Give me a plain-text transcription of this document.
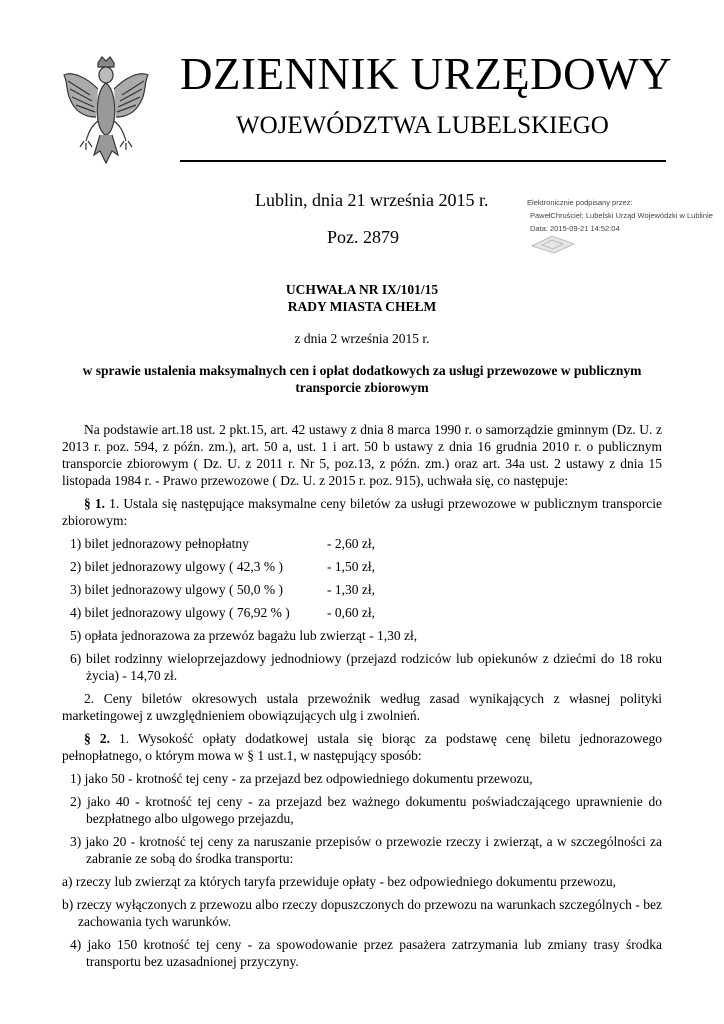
DZIENNIK URZĘDOWY
WOJEWÓDZTWA LUBELSKIEGO
Lublin, dnia 21 września 2015 r.
Poz. 2879
Elektronicznie podpisany przez:
PawełChruściel; Lubelski Urząd Wojewódzki w Lublinie
Data: 2015-09-21 14:52:04
UCHWAŁA NR IX/101/15
RADY MIASTA CHEŁM
z dnia 2 września 2015 r.
w sprawie ustalenia maksymalnych cen i opłat dodatkowych za usługi przewozowe w publicznym
transporcie zbiorowym

Na podstawie art.18 ust. 2 pkt.15, art. 42 ustawy z dnia 8 marca 1990 r. o samorządzie gminnym (Dz. U. z 2013 r. poz. 594, z późn. zm.), art. 50 a, ust. 1 i art. 50 b ustawy z dnia 16 grudnia 2010 r. o publicznym transporcie zbiorowym ( Dz. U. z 2011 r. Nr 5, poz.13, z późn. zm.) oraz art. 34a ust. 2 ustawy z dnia 15 listopada 1984 r. - Prawo przewozowe ( Dz. U. z 2015 r. poz. 915), uchwała się, co następuje:

§ 1. 1. Ustala się następujące maksymalne ceny biletów za usługi przewozowe w publicznym transporcie zbiorowym:

1) bilet jednorazowy pełnopłatny	- 2,60 zł,

2) bilet jednorazowy ulgowy ( 42,3 % )	- 1,50 zł,

3) bilet jednorazowy ulgowy ( 50,0 % )	- 1,30 zł,

4) bilet jednorazowy ulgowy ( 76,92 % )	- 0,60 zł,

5) opłata jednorazowa za przewóz bagażu lub zwierząt - 1,30 zł,

6) bilet rodzinny wieloprzejazdowy jednodniowy (przejazd rodziców lub opiekunów z dziećmi do 18 roku życia) - 14,70 zł.

2. Ceny biletów okresowych ustala przewoźnik według zasad wynikających z własnej polityki marketingowej z uwzględnieniem obowiązujących ulg i zwolnień.

§ 2. 1. Wysokość opłaty dodatkowej ustala się biorąc za podstawę cenę biletu jednorazowego pełnopłatnego, o którym mowa w § 1 ust.1, w następujący sposób:

1) jako 50 - krotność tej ceny - za przejazd bez odpowiedniego dokumentu przewozu,

2) jako 40 - krotność tej ceny - za przejazd bez ważnego dokumentu poświadczającego uprawnienie do bezpłatnego albo ulgowego przejazdu,

3) jako 20 - krotność tej ceny za naruszanie przepisów o przewozie rzeczy i zwierząt, a w szczególności za zabranie ze sobą do środka transportu:

a) rzeczy lub zwierząt za których taryfa przewiduje opłaty - bez odpowiedniego dokumentu przewozu,

b) rzeczy wyłączonych z przewozu albo rzeczy dopuszczonych do przewozu na warunkach szczególnych - bez zachowania tych warunków.

4) jako 150 krotność tej ceny - za spowodowanie przez pasażera zatrzymania lub zmiany trasy środka transportu bez uzasadnionej przyczyny.
